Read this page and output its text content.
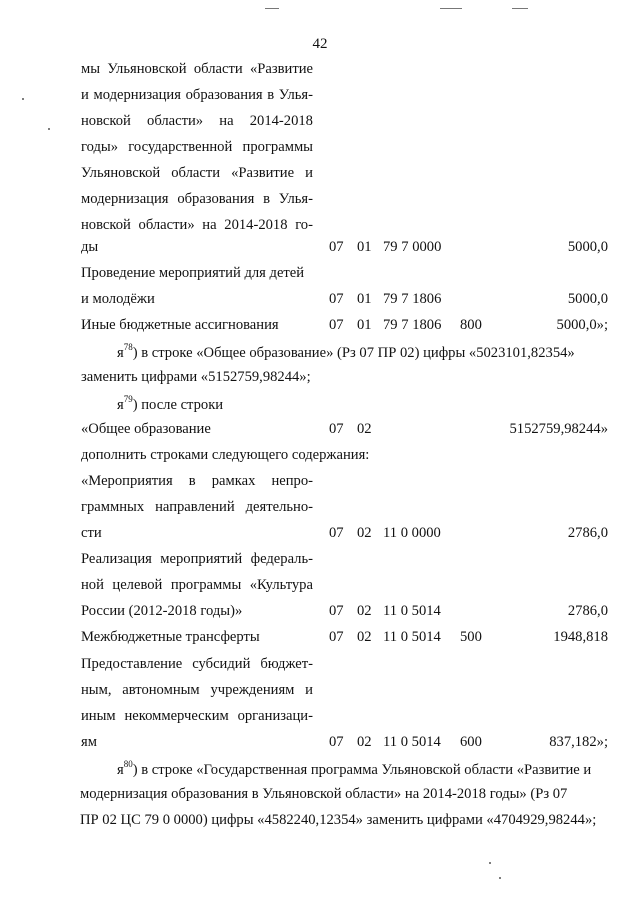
42
мы Ульяновской области «Развитие
и модернизация образования в Улья-
новской области» на 2014-2018
годы» государственной программы
Ульяновской области «Развитие и
модернизация образования в Улья-
новской области» на 2014-2018 го-
ды	07 01 79 7 0000	5000,0
Проведение мероприятий для детей
и молодёжи	07 01 79 7 1806	5000,0
Иные бюджетные ассигнования	07 01 79 7 1806 800	5000,0»;
$я^{78}$) в строке «Общее образование» (Рз 07 ПР 02) цифры «5023101,82354»
заменить цифрами «5152759,98244»;
$я^{79}$) после строки
«Общее образование	07 02	5152759,98244»
дополнить строками следующего содержания:
«Мероприятия в рамках непро-
граммных направлений деятельно-
сти	07 02 11 0 0000	2786,0
Реализация мероприятий федераль-
ной целевой программы «Культура
России (2012-2018 годы)»	07 02 11 0 5014	2786,0
Межбюджетные трансферты	07 02 11 0 5014 500	1948,818
Предоставление субсидий бюджет-
ным, автономным учреждениям и
иным некоммерческим организаци-
ям	07 02 11 0 5014 600	837,182»;
$я^{80}$) в строке «Государственная программа Ульяновской области «Развитие и
модернизация образования в Ульяновской области» на 2014-2018 годы» (Рз 07
ПР 02 ЦС 79 0 0000) цифры «4582240,12354» заменить цифрами «4704929,98244»;
